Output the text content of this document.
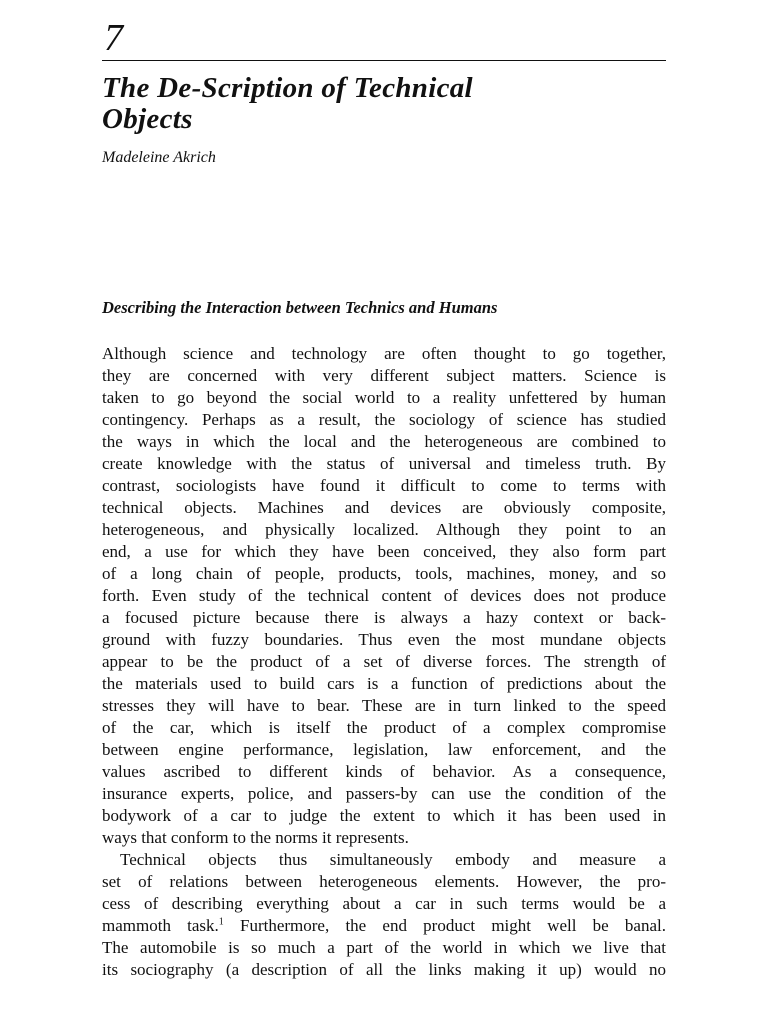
7
The De-Scription of Technical
Objects
Madeleine Akrich
Describing the Interaction between Technics and Humans

Although science and technology are often thought to go together,
they are concerned with very different subject matters. Science is
taken to go beyond the social world to a reality unfettered by human
contingency. Perhaps as a result, the sociology of science has studied
the ways in which the local and the heterogeneous are combined to
create knowledge with the status of universal and timeless truth. By
contrast, sociologists have found it difficult to come to terms with
technical objects. Machines and devices are obviously composite,
heterogeneous, and physically localized. Although they point to an
end, a use for which they have been conceived, they also form part
of a long chain of people, products, tools, machines, money, and so
forth. Even study of the technical content of devices does not produce
a focused picture because there is always a hazy context or back-
ground with fuzzy boundaries. Thus even the most mundane objects
appear to be the product of a set of diverse forces. The strength of
the materials used to build cars is a function of predictions about the
stresses they will have to bear. These are in turn linked to the speed
of the car, which is itself the product of a complex compromise
between engine performance, legislation, law enforcement, and the
values ascribed to different kinds of behavior. As a consequence,
insurance experts, police, and passers-by can use the condition of the
bodywork of a car to judge the extent to which it has been used in
ways that conform to the norms it represents.

Technical objects thus simultaneously embody and measure a
set of relations between heterogeneous elements. However, the pro-
cess of describing everything about a car in such terms would be a
mammoth task.$^1$ Furthermore, the end product might well be banal.
The automobile is so much a part of the world in which we live that
its sociography (a description of all the links making it up) would no
